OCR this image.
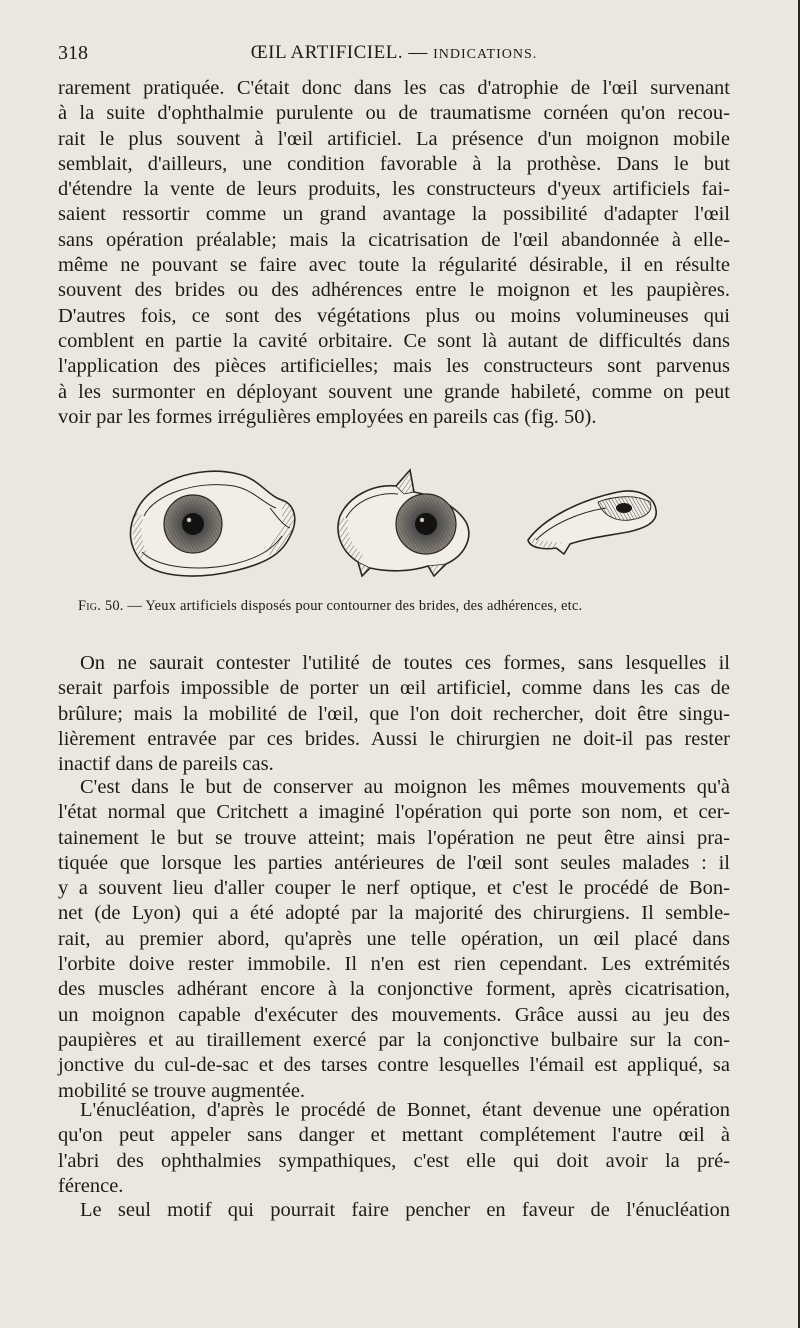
318	ŒIL ARTIFICIEL. — INDICATIONS.
rarement pratiquée. C'était donc dans les cas d'atrophie de l'œil survenant
à la suite d'ophthalmie purulente ou de traumatisme cornéen qu'on recou-
rait le plus souvent à l'œil artificiel. La présence d'un moignon mobile
semblait, d'ailleurs, une condition favorable à la prothèse. Dans le but
d'étendre la vente de leurs produits, les constructeurs d'yeux artificiels fai-
saient ressortir comme un grand avantage la possibilité d'adapter l'œil
sans opération préalable; mais la cicatrisation de l'œil abandonnée à elle-
même ne pouvant se faire avec toute la régularité désirable, il en résulte
souvent des brides ou des adhérences entre le moignon et les paupières.
D'autres fois, ce sont des végétations plus ou moins volumineuses qui
comblent en partie la cavité orbitaire. Ce sont là autant de difficultés dans
l'application des pièces artificielles; mais les constructeurs sont parvenus
à les surmonter en déployant souvent une grande habileté, comme on peut
voir par les formes irrégulières employées en pareils cas (fig. 50).
Fig. 50. — Yeux artificiels disposés pour contourner des brides, des adhérences, etc.
On ne saurait contester l'utilité de toutes ces formes, sans lesquelles il
serait parfois impossible de porter un œil artificiel, comme dans les cas de
brûlure; mais la mobilité de l'œil, que l'on doit rechercher, doit être singu-
lièrement entravée par ces brides. Aussi le chirurgien ne doit-il pas rester
inactif dans de pareils cas.
C'est dans le but de conserver au moignon les mêmes mouvements qu'à
l'état normal que Critchett a imaginé l'opération qui porte son nom, et cer-
tainement le but se trouve atteint; mais l'opération ne peut être ainsi pra-
tiquée que lorsque les parties antérieures de l'œil sont seules malades : il
y a souvent lieu d'aller couper le nerf optique, et c'est le procédé de Bon-
net (de Lyon) qui a été adopté par la majorité des chirurgiens. Il semble-
rait, au premier abord, qu'après une telle opération, un œil placé dans
l'orbite doive rester immobile. Il n'en est rien cependant. Les extrémités
des muscles adhérant encore à la conjonctive forment, après cicatrisation,
un moignon capable d'exécuter des mouvements. Grâce aussi au jeu des
paupières et au tiraillement exercé par la conjonctive bulbaire sur la con-
jonctive du cul-de-sac et des tarses contre lesquelles l'émail est appliqué, sa
mobilité se trouve augmentée.
L'énucléation, d'après le procédé de Bonnet, étant devenue une opération
qu'on peut appeler sans danger et mettant complétement l'autre œil à
l'abri des ophthalmies sympathiques, c'est elle qui doit avoir la pré-
férence.
Le seul motif qui pourrait faire pencher en faveur de l'énucléation
